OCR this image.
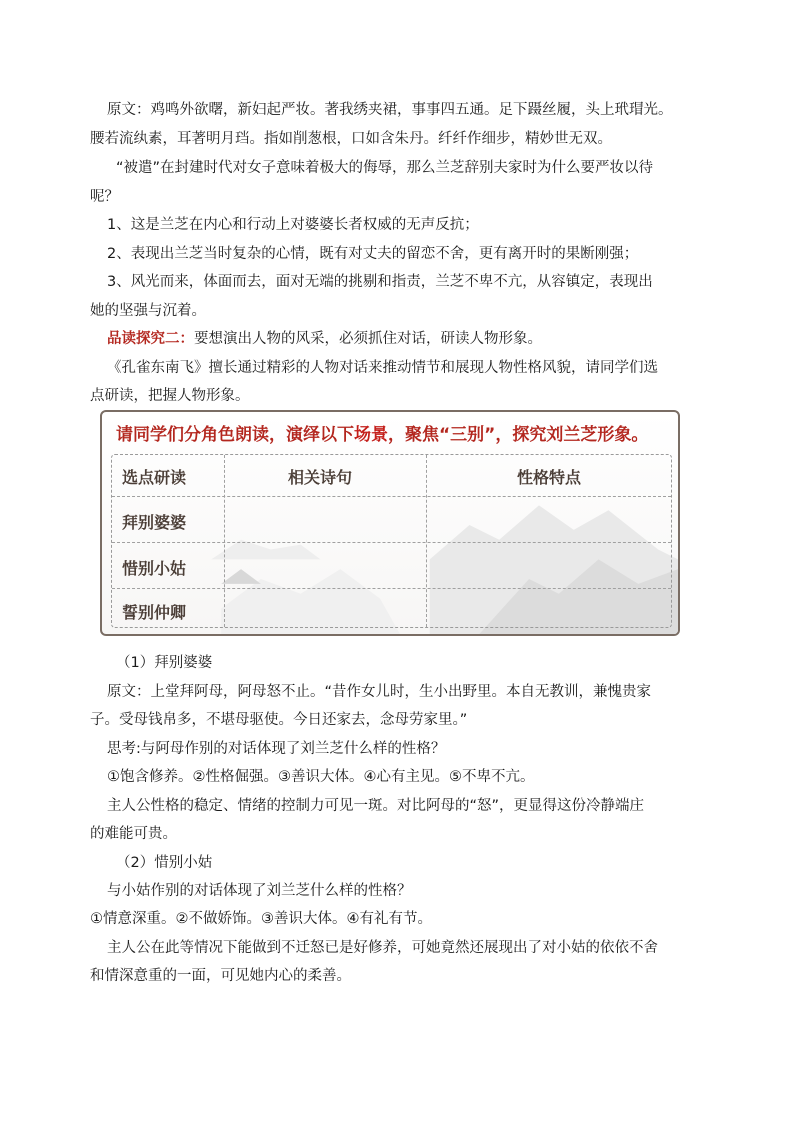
原文：鸡鸣外欲曙，新妇起严妆。著我绣夹裙，事事四五通。足下蹑丝履，头上玳瑁光。

腰若流纨素，耳著明月珰。指如削葱根，口如含朱丹。纤纤作细步，精妙世无双。

“被遣”在封建时代对女子意味着极大的侮辱，那么兰芝辞别夫家时为什么要严妆以待

呢？

1、这是兰芝在内心和行动上对婆婆长者权威的无声反抗；

2、表现出兰芝当时复杂的心情，既有对丈夫的留恋不舍，更有离开时的果断刚强；

3、风光而来，体面而去，面对无端的挑剔和指责，兰芝不卑不亢，从容镇定，表现出

她的坚强与沉着。

品读探究二：要想演出人物的风采，必须抓住对话，研读人物形象。

《孔雀东南飞》擅长通过精彩的人物对话来推动情节和展现人物性格风貌，请同学们选

点研读，把握人物形象。

请同学们分角色朗读，演绎以下场景，聚焦“三别”，探究刘兰芝形象。
选点研读	相关诗句	性格特点
拜别婆婆
惜别小姑
誓别仲卿

（1）拜别婆婆

原文：上堂拜阿母，阿母怒不止。“昔作女儿时，生小出野里。本自无教训，兼愧贵家

子。受母钱帛多，不堪母驱使。今日还家去，念母劳家里。”

思考:与阿母作别的对话体现了刘兰芝什么样的性格？

①饱含修养。②性格倔强。③善识大体。④心有主见。⑤不卑不亢。

主人公性格的稳定、情绪的控制力可见一斑。对比阿母的“怒”，更显得这份冷静端庄

的难能可贵。

（2）惜别小姑

与小姑作别的对话体现了刘兰芝什么样的性格？

①情意深重。②不做娇饰。③善识大体。④有礼有节。

主人公在此等情况下能做到不迁怒已是好修养，可她竟然还展现出了对小姑的依依不舍

和情深意重的一面，可见她内心的柔善。
